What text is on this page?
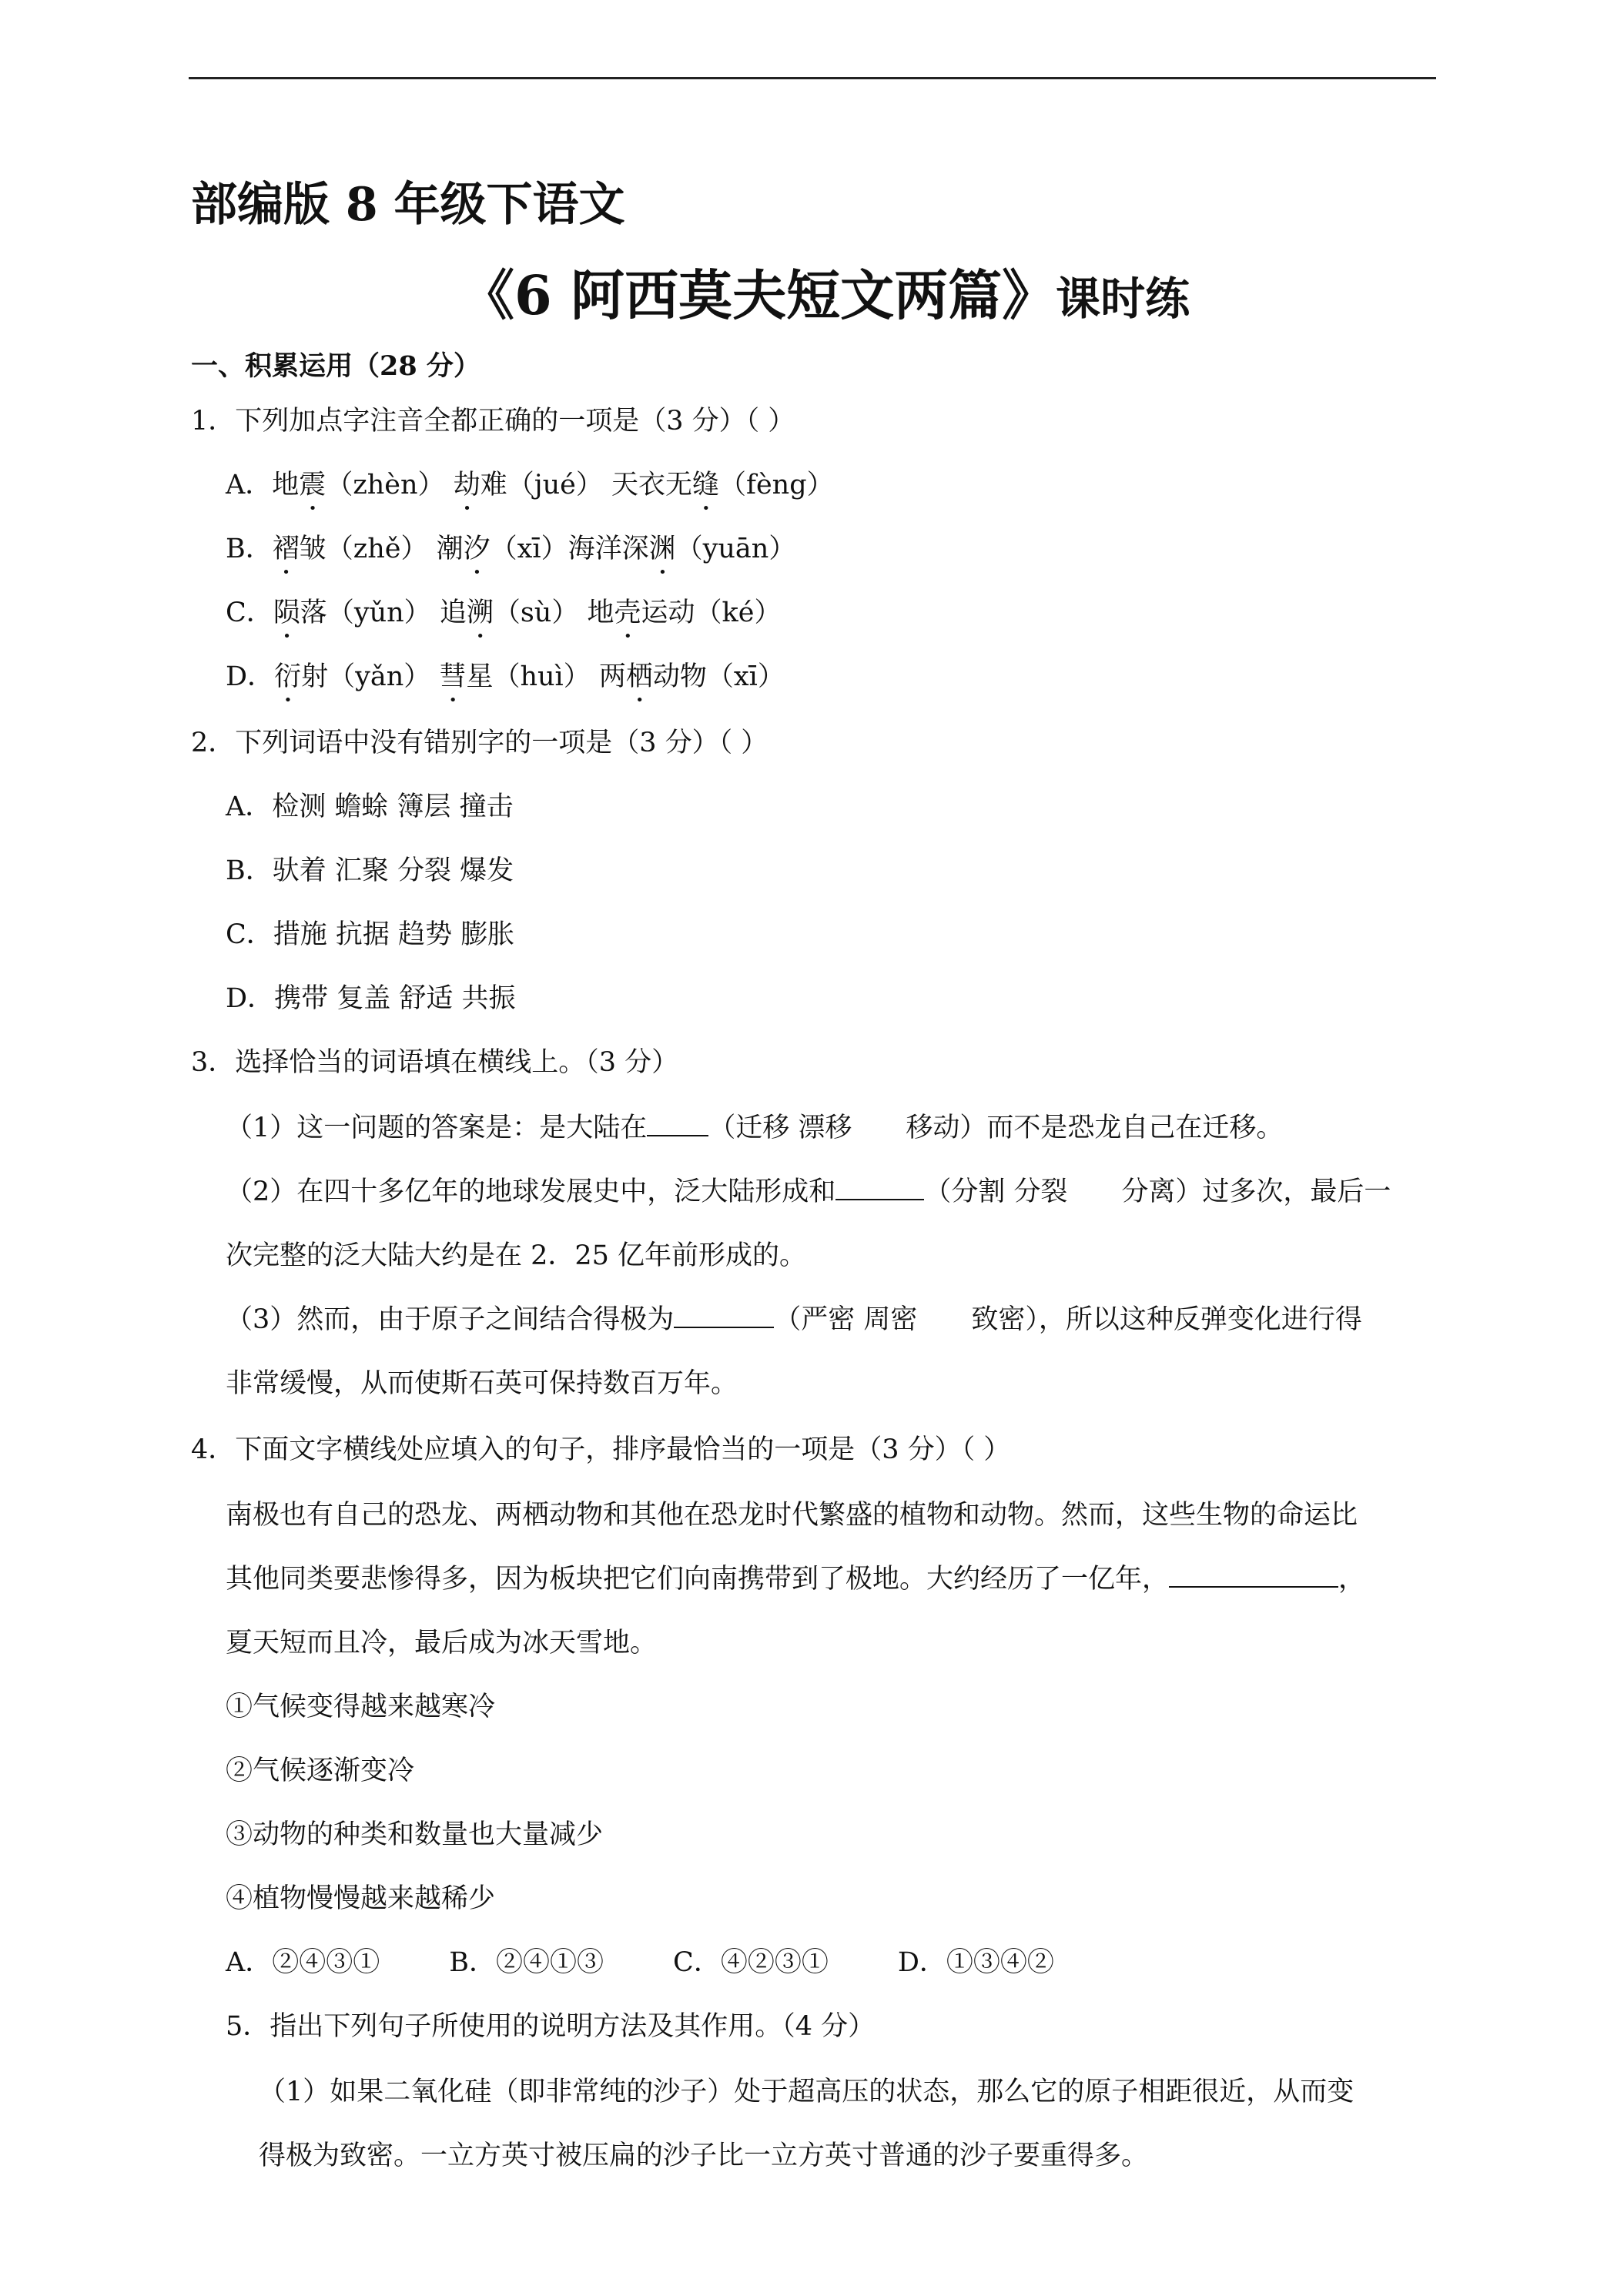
部编版 8 年级下语文
《6 阿西莫夫短文两篇》课时练
一、积累运用（28 分）
1．下列加点字注音全都正确的一项是（3 分）（ ）
A．地震（zhèn） 劫难（jué） 天衣无缝（fèng）
B．褶皱（zhě） 潮汐（xī）海洋深渊（yuān）
C．陨落（yǔn） 追溯（sù） 地壳运动（ké）
D．衍射（yǎn） 彗星（huì） 两栖动物（xī）
2．下列词语中没有错别字的一项是（3 分）（ ）
A．检测 蟾蜍 簿层 撞击
B．驮着 汇聚 分裂 爆发
C．措施 抗据 趋势 膨胀
D．携带 复盖 舒适 共振
3．选择恰当的词语填在横线上。（3 分）
（1）这一问题的答案是：是大陆在 （迁移 漂移 移动）而不是恐龙自己在迁移。
（2）在四十多亿年的地球发展史中，泛大陆形成和	（分割 分裂 分离）过多次，最后一
次完整的泛大陆大约是在 2．25 亿年前形成的。
（3）然而，由于原子之间结合得极为	（严密 周密 致密），所以这种反弹变化进行得
非常缓慢，从而使斯石英可保持数百万年。
4．下面文字横线处应填入的句子，排序最恰当的一项是（3 分）（ ）
南极也有自己的恐龙、两栖动物和其他在恐龙时代繁盛的植物和动物。然而，这些生物的命运比
其他同类要悲惨得多，因为板块把它们向南携带到了极地。大约经历了一亿年，	，
夏天短而且冷，最后成为冰天雪地。
①气候变得越来越寒冷
②气候逐渐变冷
③动物的种类和数量也大量减少
④植物慢慢越来越稀少
A．②④③①	B．②④①③	C．④②③①	D．①③④②
5．指出下列句子所使用的说明方法及其作用。（4 分）
（1）如果二氧化硅（即非常纯的沙子）处于超高压的状态，那么它的原子相距很近，从而变
得极为致密。一立方英寸被压扁的沙子比一立方英寸普通的沙子要重得多。
